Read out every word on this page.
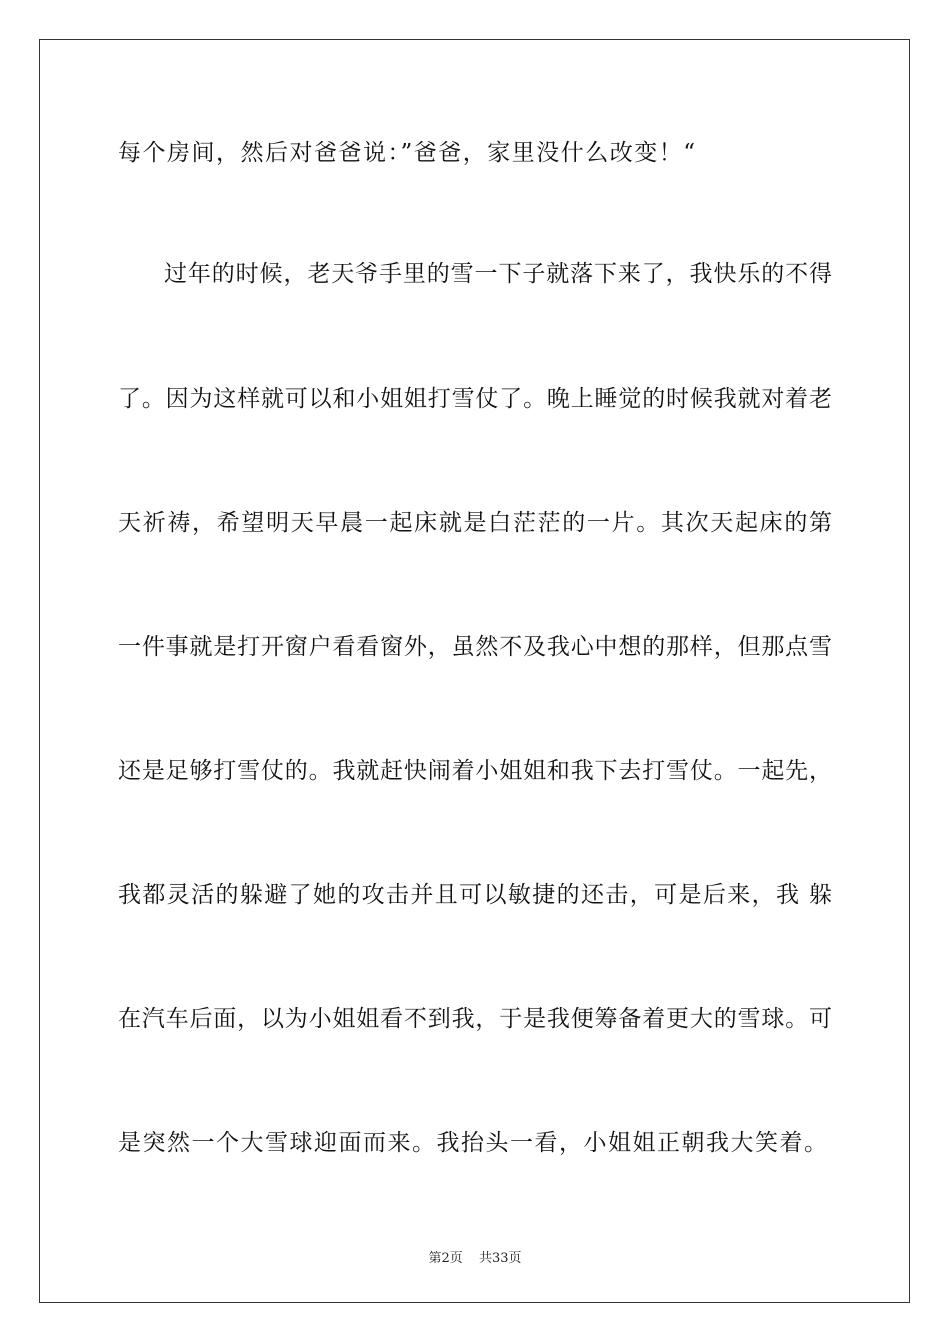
每个房间，然后对爸爸说：”爸爸，家里没什么改变！“
过年的时候，老天爷手里的雪一下子就落下来了，我快乐的不得
了。因为这样就可以和小姐姐打雪仗了。晚上睡觉的时候我就对着老
天祈祷，希望明天早晨一起床就是白茫茫的一片。其次天起床的第
一件事就是打开窗户看看窗外，虽然不及我心中想的那样，但那点雪
还是足够打雪仗的。我就赶快闹着小姐姐和我下去打雪仗。一起先，
我都灵活的躲避了她的攻击并且可以敏捷的还击，可是后来，我 躲
在汽车后面，以为小姐姐看不到我，于是我便筹备着更大的雪球。可
是突然一个大雪球迎面而来。我抬头一看，小姐姐正朝我大笑着。
第2页 共33页
